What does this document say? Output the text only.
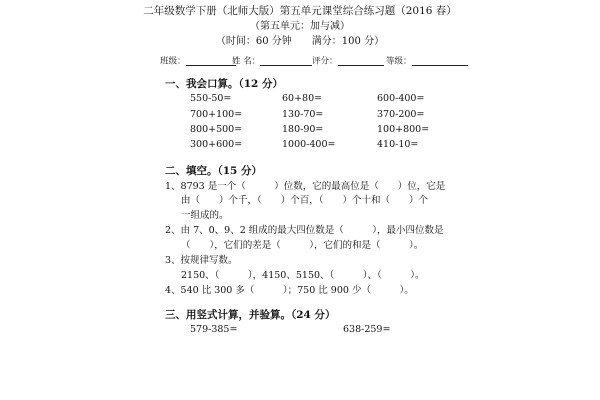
二年级数学下册（北师大版）第五单元课堂综合练习题（2016 春）
（第五单元：加与减）
（时间：60 分钟　　满分：100 分）
班级：	姓 名：	评分：	等级：
一、我会口算。（12 分）
550-50=	60+80=	600-400=
700+100=	130-70=	370-200=
800+500=	180-90=	100+800=
300+600=	1000-400=	410-10=
二、填空。（15 分）
1、8793 是一个（　　　）位数，它的最高位是（　　）位，它是
由（　　）个千，（　　）个百，（　　）个十和（　　）个
一组成的。
2、由 7、0、9、2 组成的最大四位数是（　　　），最小四位数是
（　　），它们的差是（　　　），它们的和是（　　　）。
3、按规律写数。
2150、（　　　），4150、5150、（　　　）、（　　　）。
4、540 比 300 多（　　　）；750 比 900 少（　　　）。
三、用竖式计算，并验算。（24 分）
579-385=	638-259=
